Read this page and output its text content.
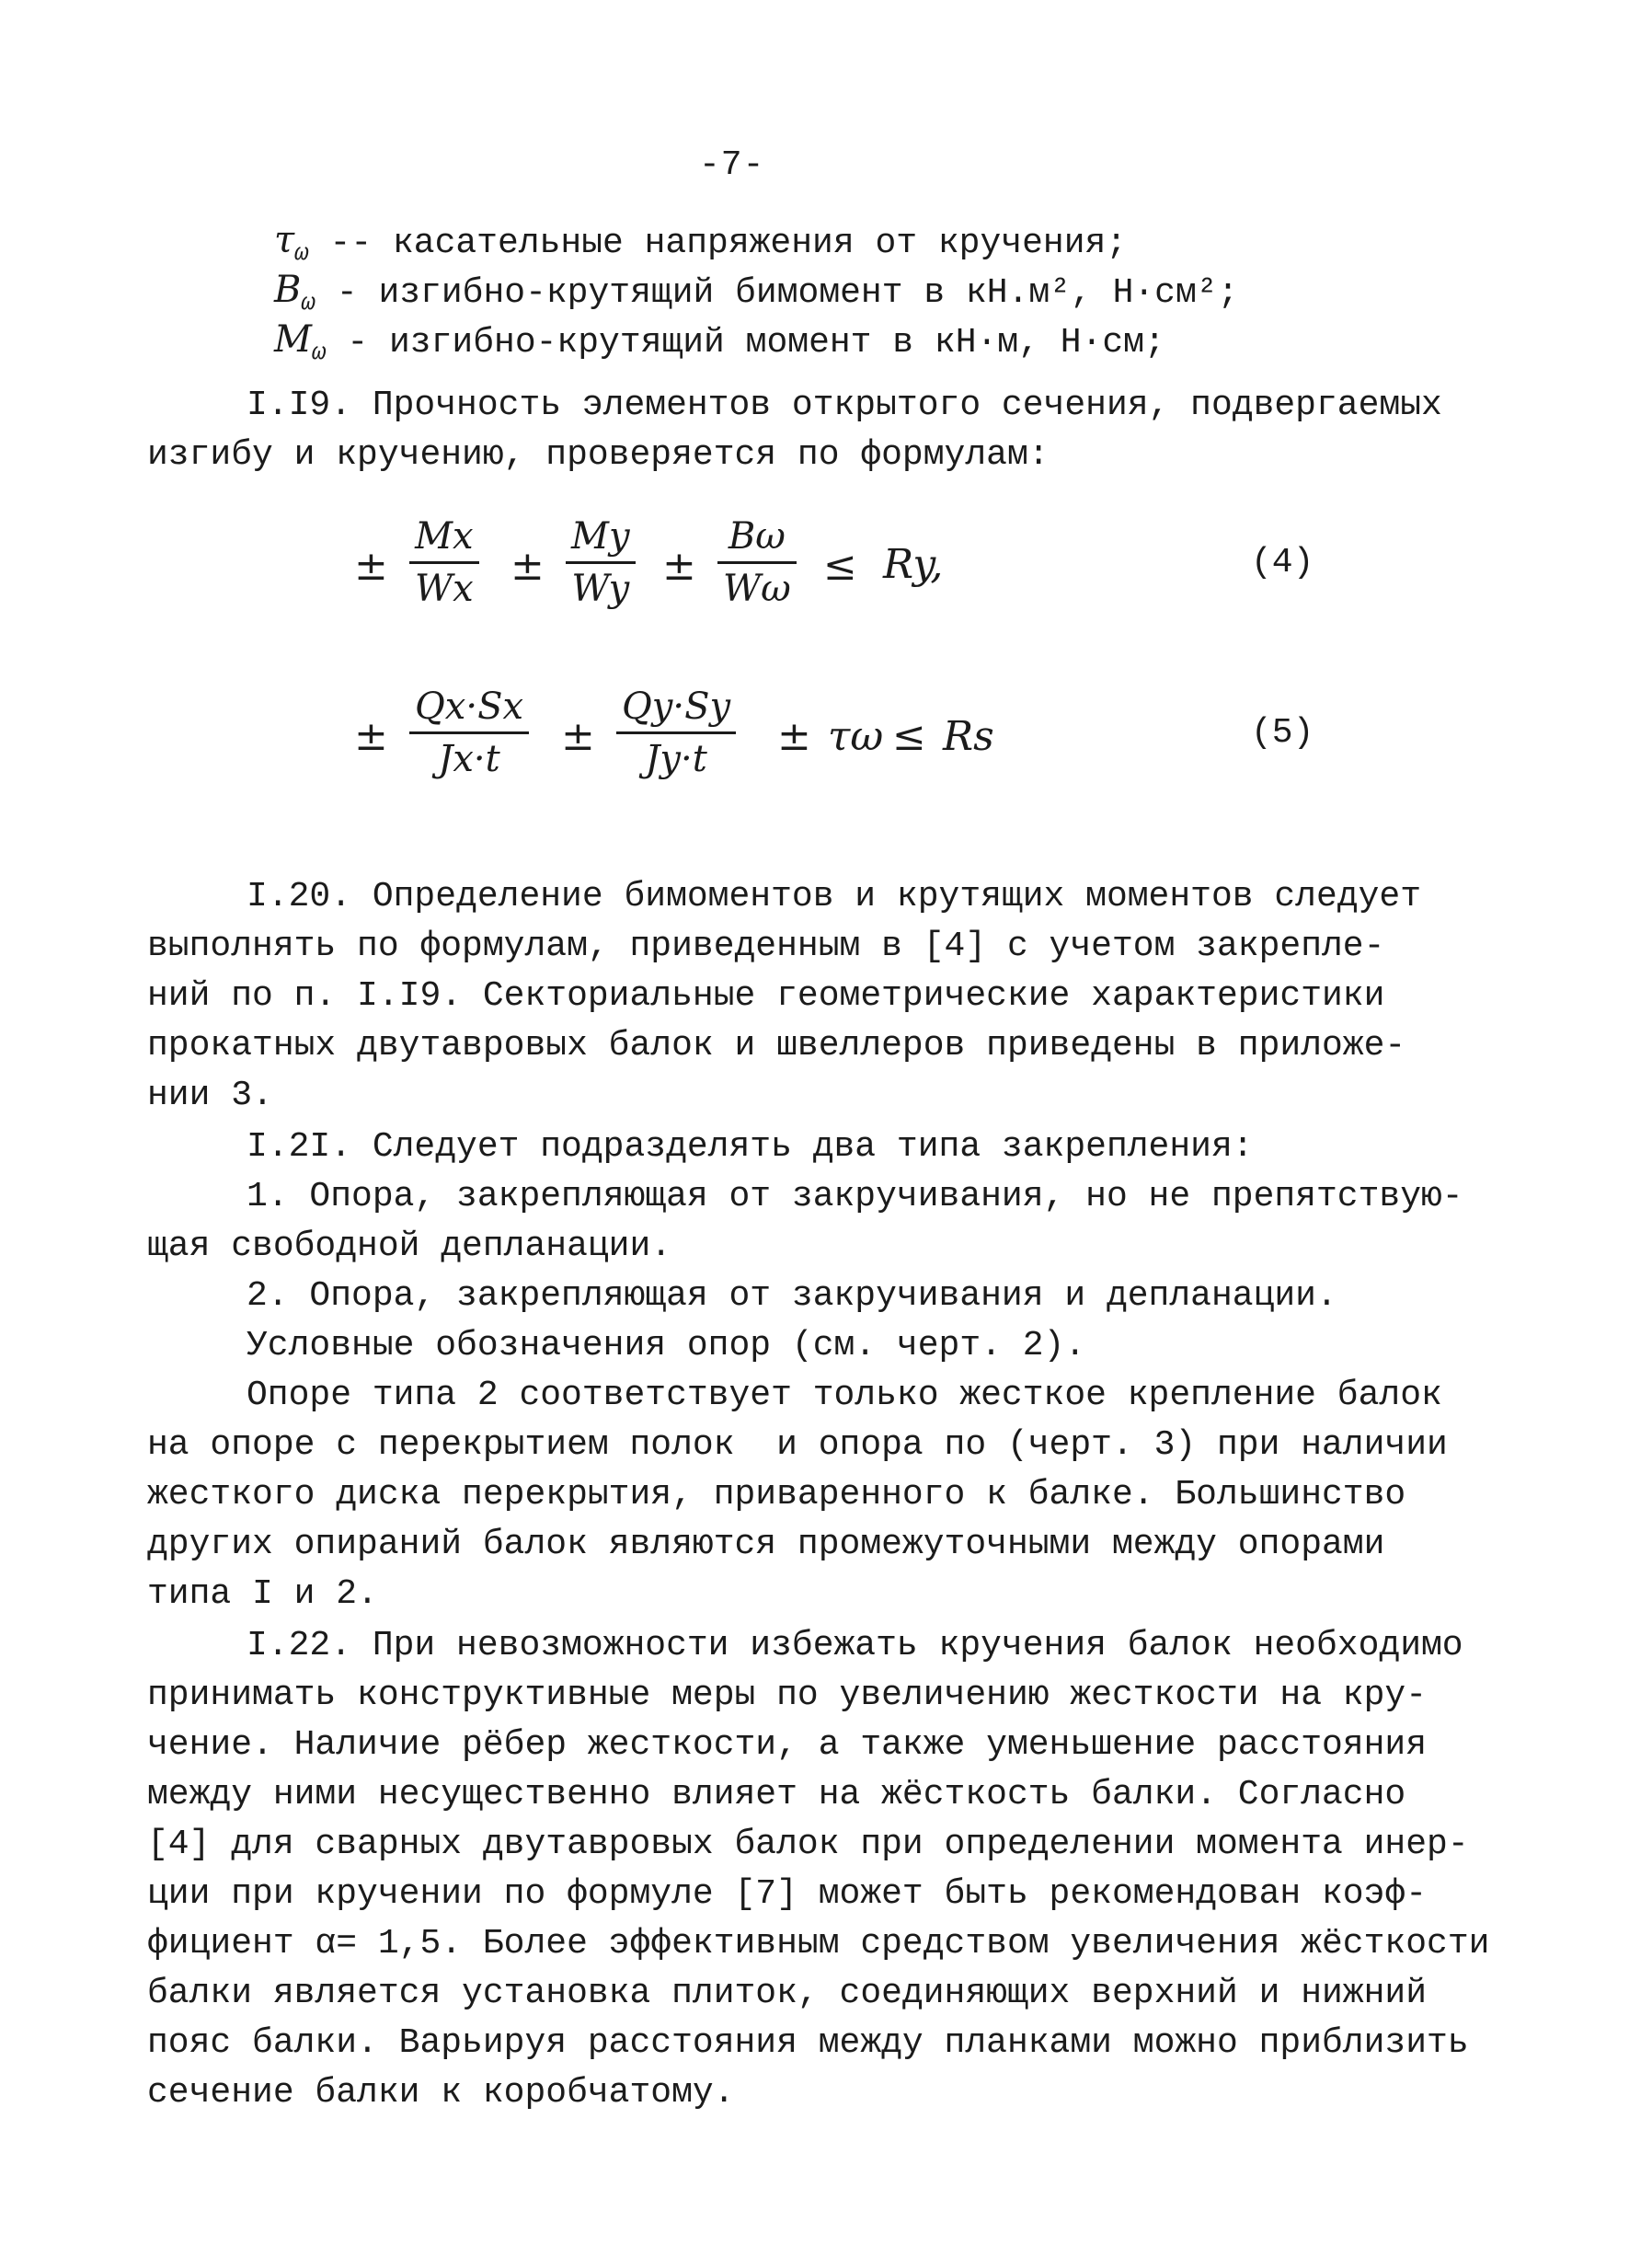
-7-
$\tau_\omega$ -- касательные напряжения от кручения;
$B_\omega$ - изгибно-крутящий бимомент в кН.м², Н·см²;
$M_\omega$ - изгибно-крутящий момент в кН·м, Н·см;
I.I9. Прочность элементов открытого сечения, подвергаемых
изгибу и кручению, проверяется по формулам:
±
Mx
Wx ±
My
Wy ±
Bω
Wω ≤ Ry,	(4)
±
Qx·Sx
Jx·t	±
Qy·Sy
Jy·t	± τω ≤ Rs	(5)
I.20. Определение бимоментов и крутящих моментов следует
выполнять по формулам, приведенным в [4] с учетом закрепле-
ний по п. I.I9. Секториальные геометрические характеристики
прокатных двутавровых балок и швеллеров приведены в приложе-
нии 3.
I.2I. Следует подразделять два типа закрепления:
1. Опора, закрепляющая от закручивания, но не препятствую-
щая свободной депланации.
2. Опора, закрепляющая от закручивания и депланации.
Условные обозначения опор (см. черт. 2).
Опоре типа 2 соответствует только жесткое крепление балок
на опоре с перекрытием полок  и опора по (черт. 3) при наличии
жесткого диска перекрытия, приваренного к балке. Большинство
других опираний балок являются промежуточными между опорами
типа I и 2.
I.22. При невозможности избежать кручения балок необходимо
принимать конструктивные меры по увеличению жесткости на кру-
чение. Наличие рёбер жесткости, а также уменьшение расстояния
между ними несущественно влияет на жёсткость балки. Согласно
[4] для сварных двутавровых балок при определении момента инер-
ции при кручении по формуле [7] может быть рекомендован коэф-
фициент α= 1,5. Более эффективным средством увеличения жёсткости
балки является установка плиток, соединяющих верхний и нижний
пояс балки. Варьируя расстояния между планками можно приблизить
сечение балки к коробчатому.
